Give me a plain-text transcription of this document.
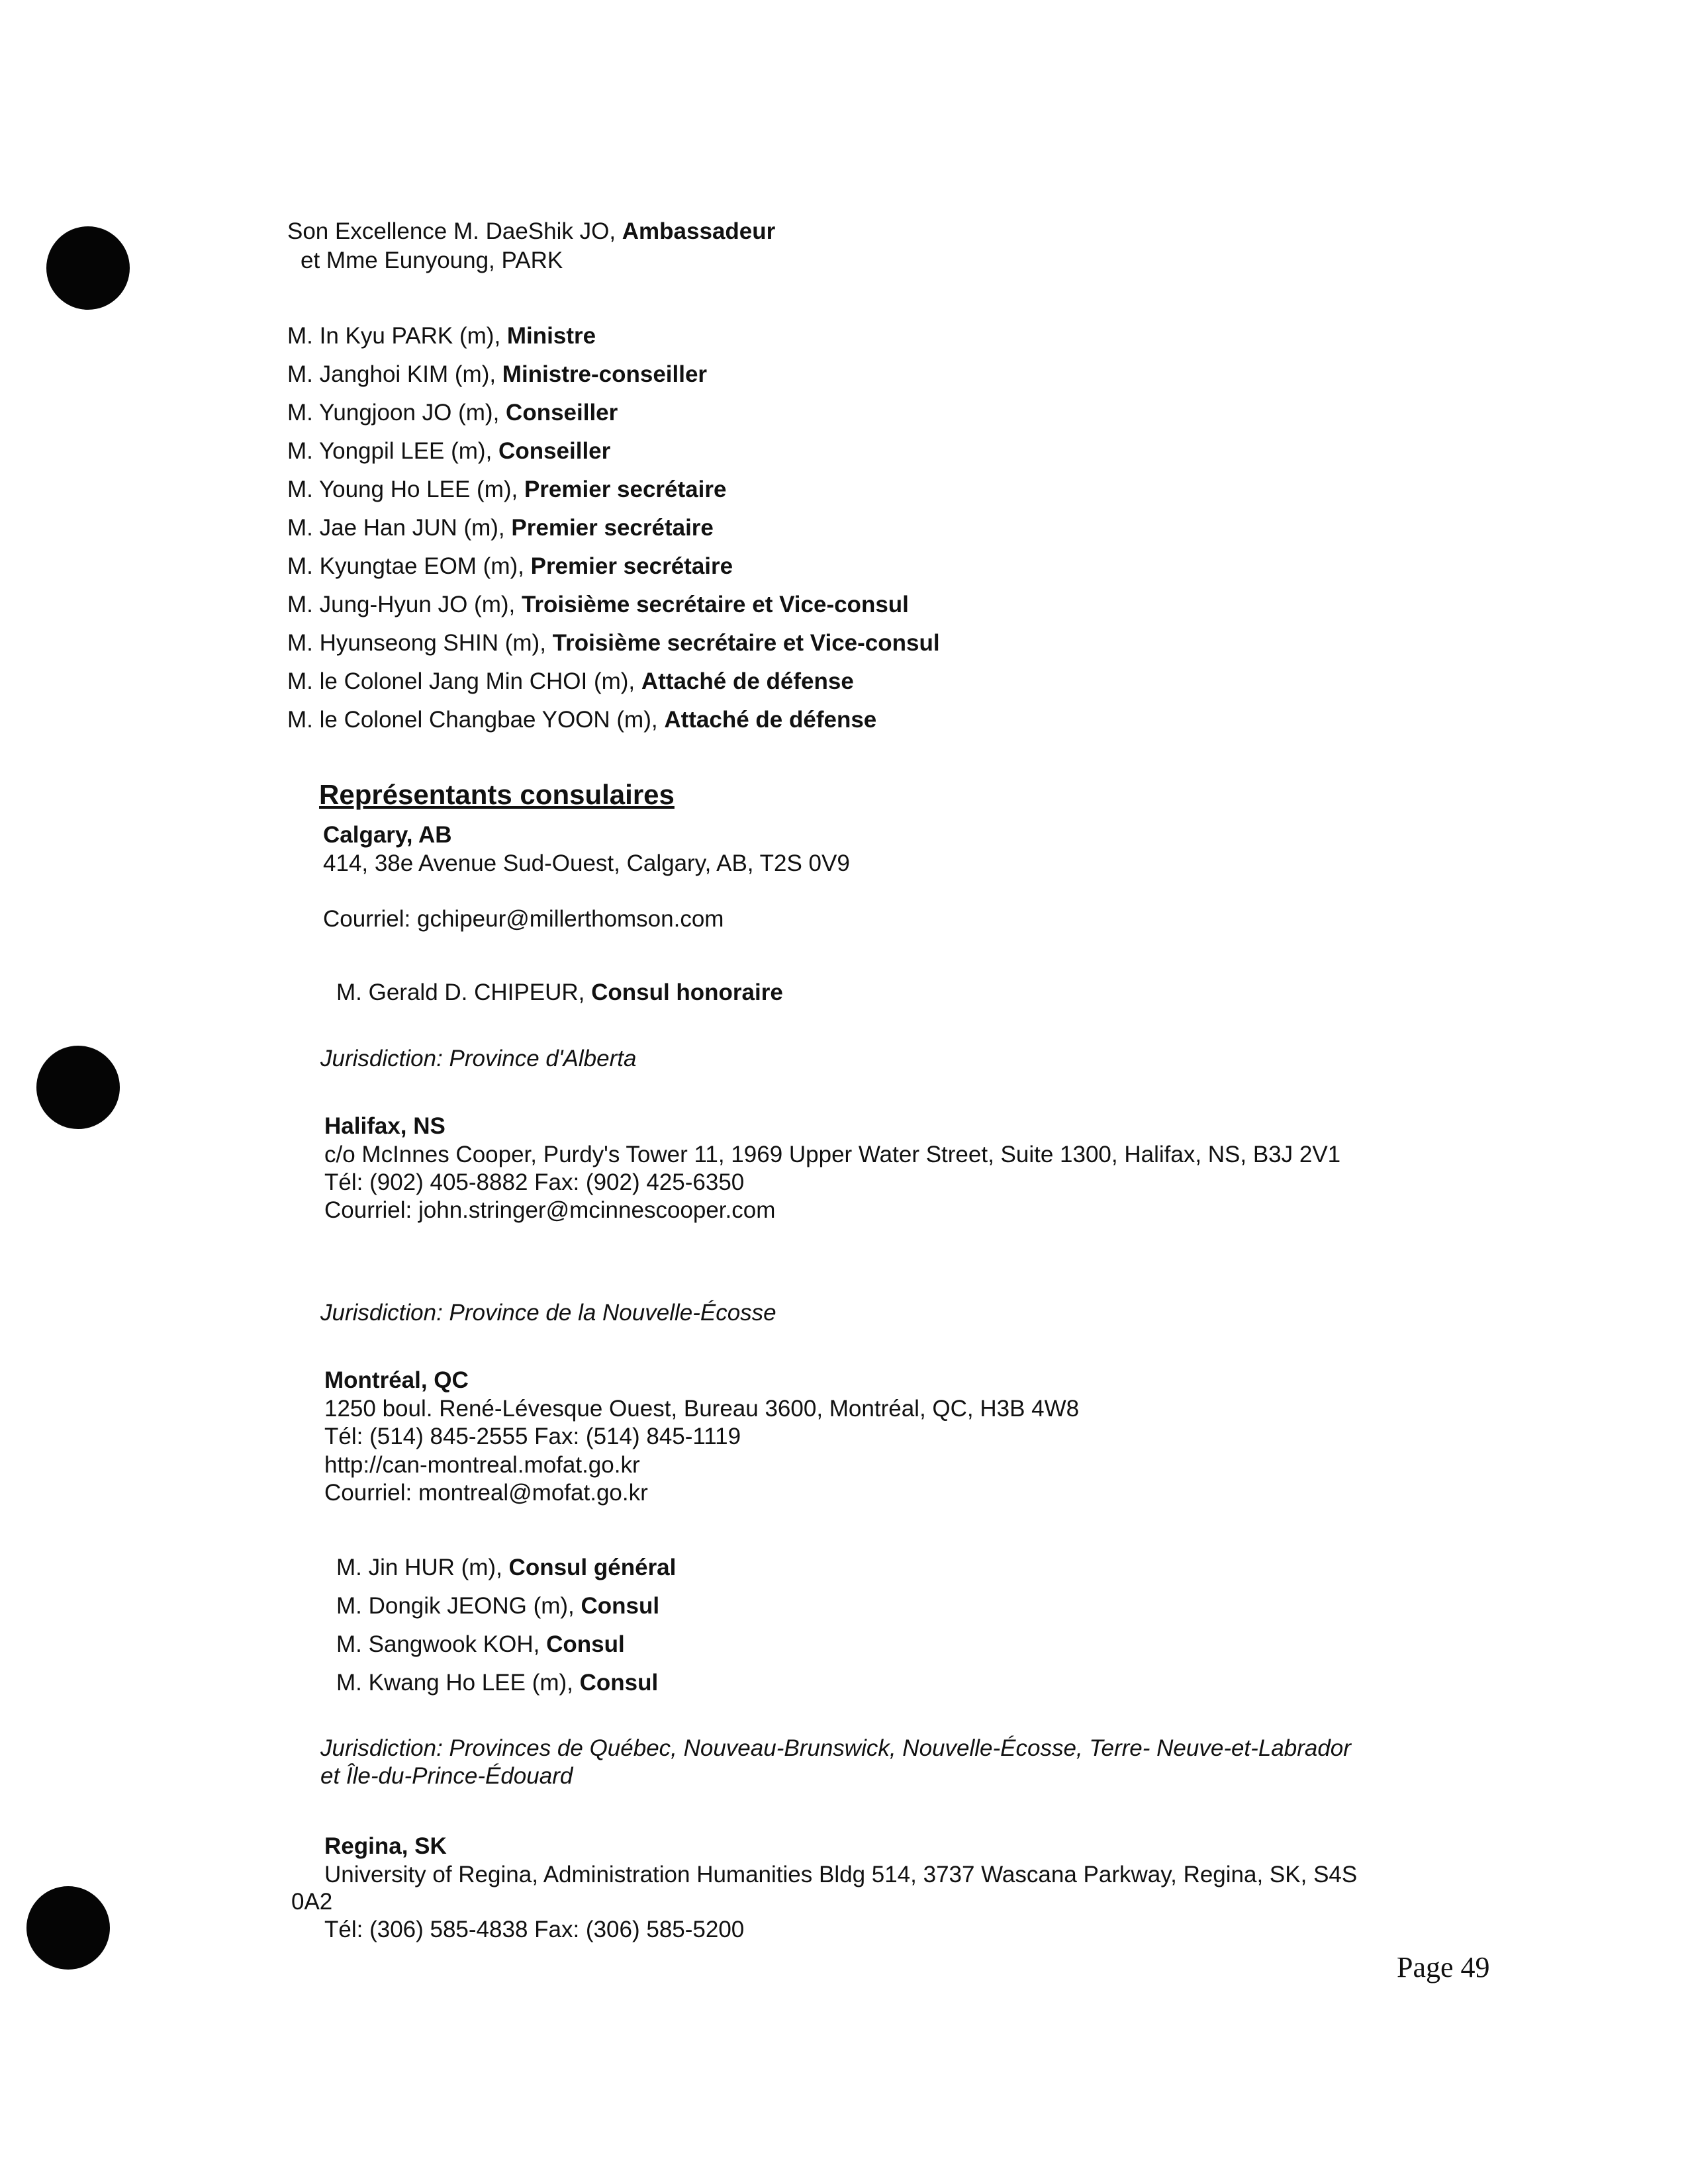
Son Excellence M. DaeShik JO, Ambassadeur
et Mme Eunyoung, PARK
M. In Kyu PARK (m), Ministre
M. Janghoi KIM (m), Ministre-conseiller
M. Yungjoon JO (m), Conseiller
M. Yongpil LEE (m), Conseiller
M. Young Ho LEE (m), Premier secrétaire
M. Jae Han JUN (m), Premier secrétaire
M. Kyungtae EOM (m), Premier secrétaire
M. Jung-Hyun JO (m), Troisième secrétaire et Vice-consul
M. Hyunseong SHIN (m), Troisième secrétaire et Vice-consul
M. le Colonel Jang Min CHOI (m), Attaché de défense
M. le Colonel Changbae YOON (m), Attaché de défense
Représentants consulaires
Calgary, AB
414, 38e Avenue Sud-Ouest, Calgary, AB, T2S 0V9
Courriel: gchipeur@millerthomson.com
M. Gerald D. CHIPEUR, Consul honoraire
Jurisdiction: Province d'Alberta
Halifax, NS
c/o McInnes Cooper, Purdy's Tower 11, 1969 Upper Water Street, Suite 1300, Halifax, NS, B3J 2V1
Tél: (902) 405-8882 Fax: (902) 425-6350
Courriel: john.stringer@mcinnescooper.com
Jurisdiction: Province de la Nouvelle-Écosse
Montréal, QC
1250 boul. René-Lévesque Ouest, Bureau 3600, Montréal, QC, H3B 4W8
Tél: (514) 845-2555 Fax: (514) 845-1119
http://can-montreal.mofat.go.kr
Courriel: montreal@mofat.go.kr
M. Jin HUR (m), Consul général
M. Dongik JEONG (m), Consul
M. Sangwook KOH, Consul
M. Kwang Ho LEE (m), Consul
Jurisdiction: Provinces de Québec, Nouveau-Brunswick, Nouvelle-Écosse, Terre- Neuve-et-Labrador
et Île-du-Prince-Édouard
Regina, SK
University of Regina, Administration Humanities Bldg 514, 3737 Wascana Parkway, Regina, SK, S4S
0A2
Tél: (306) 585-4838 Fax: (306) 585-5200
Page 49
